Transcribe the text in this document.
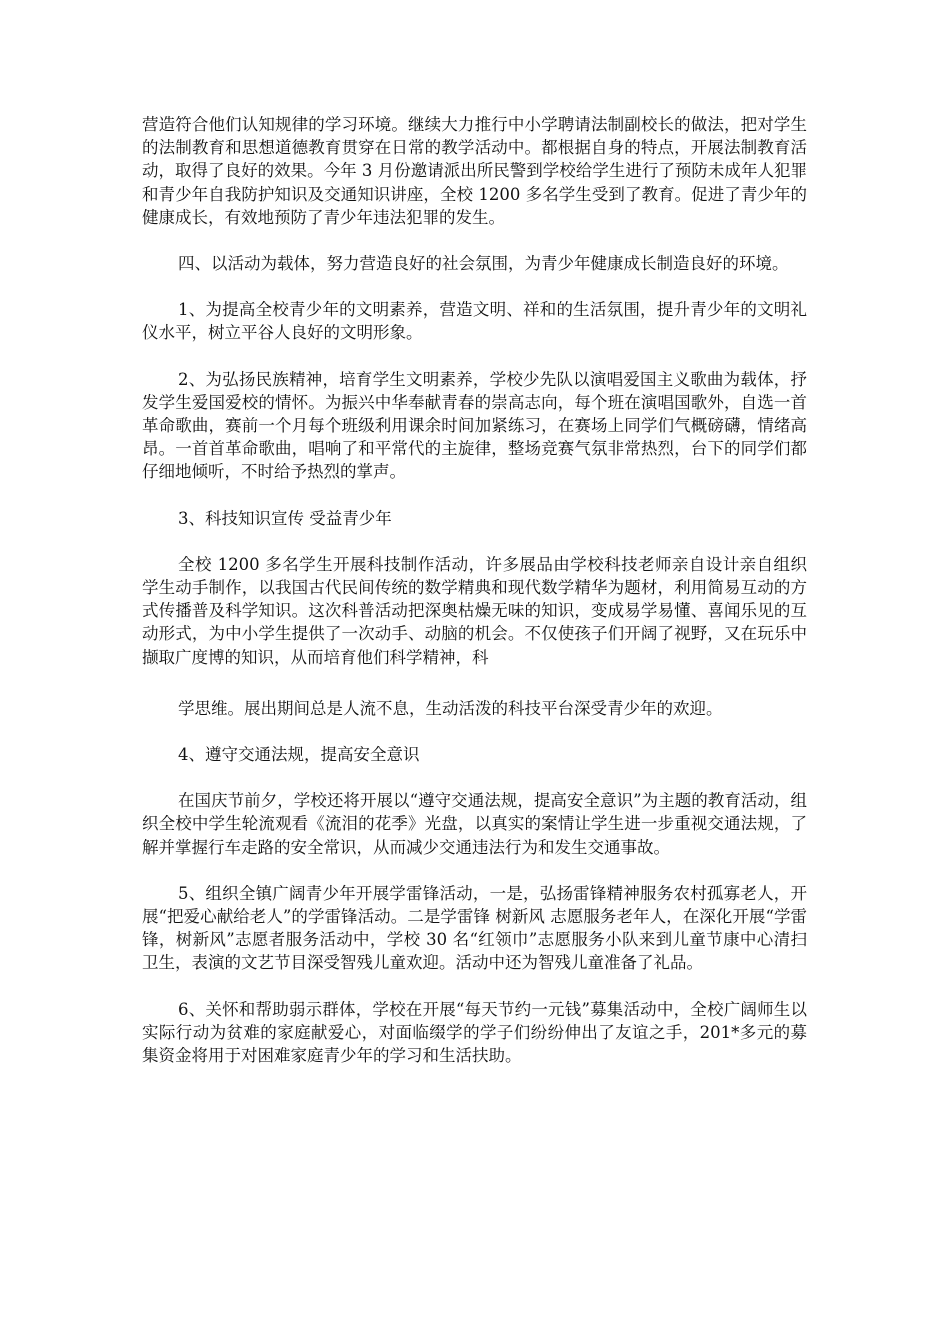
营造符合他们认知规律的学习环境。继续大力推行中小学聘请法制副校长的做法，把对学生的法制教育和思想道德教育贯穿在日常的教学活动中。都根据自身的特点，开展法制教育活动，取得了良好的效果。今年 3 月份邀请派出所民警到学校给学生进行了预防未成年人犯罪和青少年自我防护知识及交通知识讲座，全校 1200 多名学生受到了教育。促进了青少年的健康成长，有效地预防了青少年违法犯罪的发生。

四、以活动为载体，努力营造良好的社会氛围，为青少年健康成长制造良好的环境。

1、为提高全校青少年的文明素养，营造文明、祥和的生活氛围，提升青少年的文明礼仪水平，树立平谷人良好的文明形象。

2、为弘扬民族精神，培育学生文明素养，学校少先队以演唱爱国主义歌曲为载体，抒发学生爱国爱校的情怀。为振兴中华奉献青春的崇高志向，每个班在演唱国歌外，自选一首革命歌曲，赛前一个月每个班级利用课余时间加紧练习，在赛场上同学们气概磅礴，情绪高昂。一首首革命歌曲，唱响了和平常代的主旋律，整场竞赛气氛非常热烈，台下的同学们都仔细地倾听，不时给予热烈的掌声。

3、科技知识宣传 受益青少年

全校 1200 多名学生开展科技制作活动，许多展品由学校科技老师亲自设计亲自组织学生动手制作，以我国古代民间传统的数学精典和现代数学精华为题材，利用简易互动的方式传播普及科学知识。这次科普活动把深奥枯燥无味的知识，变成易学易懂、喜闻乐见的互动形式，为中小学生提供了一次动手、动脑的机会。不仅使孩子们开阔了视野，又在玩乐中撷取广度博的知识，从而培育他们科学精神，科

学思维。展出期间总是人流不息，生动活泼的科技平台深受青少年的欢迎。

4、遵守交通法规，提高安全意识

在国庆节前夕，学校还将开展以“遵守交通法规，提高安全意识”为主题的教育活动，组织全校中学生轮流观看《流泪的花季》光盘，以真实的案情让学生进一步重视交通法规，了解并掌握行车走路的安全常识，从而减少交通违法行为和发生交通事故。

5、组织全镇广阔青少年开展学雷锋活动，一是，弘扬雷锋精神服务农村孤寡老人，开展“把爱心献给老人”的学雷锋活动。二是学雷锋 树新风 志愿服务老年人，在深化开展“学雷锋，树新风”志愿者服务活动中，学校 30 名“红领巾”志愿服务小队来到儿童节康中心清扫卫生，表演的文艺节目深受智残儿童欢迎。活动中还为智残儿童准备了礼品。

6、关怀和帮助弱示群体，学校在开展“每天节约一元钱”募集活动中，全校广阔师生以实际行动为贫难的家庭献爱心，对面临缀学的学子们纷纷伸出了友谊之手，201*多元的募集资金将用于对困难家庭青少年的学习和生活扶助。
